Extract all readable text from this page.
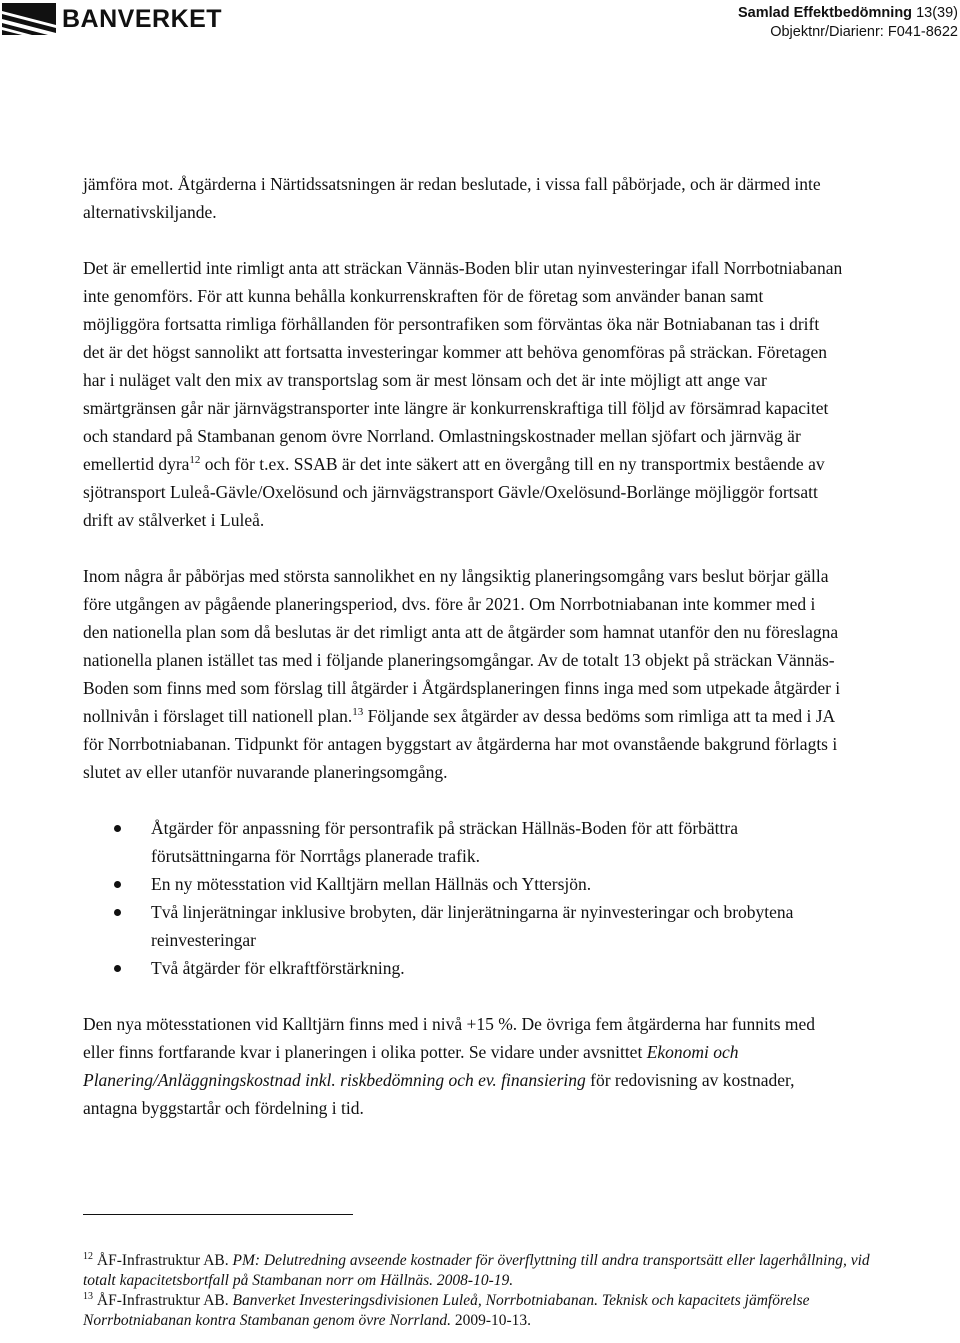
BANVERKET	Samlad Effektbedömning 13(39)
Objektnr/Diarienr: F041-8622

jämföra mot. Åtgärderna i Närtidssatsningen är redan beslutade, i vissa fall påbörjade, och är därmed inte alternativskiljande.

Det är emellertid inte rimligt anta att sträckan Vännäs-Boden blir utan nyinvesteringar ifall Norrbotniabanan inte genomförs. För att kunna behålla konkurrenskraften för de företag som använder banan samt möjliggöra fortsatta rimliga förhållanden för persontrafiken som förväntas öka när Botniabanan tas i drift det är det högst sannolikt att fortsatta investeringar kommer att behöva genomföras på sträckan. Företagen har i nuläget valt den mix av transportslag som är mest lönsam och det är inte möjligt att ange var smärtgränsen går när järnvägstransporter inte längre är konkurrenskraftiga till följd av försämrad kapacitet och standard på Stambanan genom övre Norrland. Omlastningskostnader mellan sjöfart och järnväg är emellertid dyra$^{12}$ och för t.ex. SSAB är det inte säkert att en övergång till en ny transportmix bestående av sjötransport Luleå-Gävle/Oxelösund och järnvägstransport Gävle/Oxelösund-Borlänge möjliggör fortsatt drift av stålverket i Luleå.

Inom några år påbörjas med största sannolikhet en ny långsiktig planeringsomgång vars beslut börjar gälla före utgången av pågående planeringsperiod, dvs. före år 2021. Om Norrbotniabanan inte kommer med i den nationella plan som då beslutas är det rimligt anta att de åtgärder som hamnat utanför den nu föreslagna nationella planen istället tas med i följande planeringsomgångar. Av de totalt 13 objekt på sträckan Vännäs-Boden som finns med som förslag till åtgärder i Åtgärdsplaneringen finns inga med som utpekade åtgärder i nollnivån i förslaget till nationell plan.$^{13}$ Följande sex åtgärder av dessa bedöms som rimliga att ta med i JA för Norrbotniabanan. Tidpunkt för antagen byggstart av åtgärderna har mot ovanstående bakgrund förlagts i slutet av eller utanför nuvarande planeringsomgång.

Åtgärder för anpassning för persontrafik på sträckan Hällnäs-Boden för att förbättra förutsättningarna för Norrtågs planerade trafik.
En ny mötesstation vid Kalltjärn mellan Hällnäs och Yttersjön.
Två linjerätningar inklusive brobyten, där linjerätningarna är nyinvesteringar och brobytena reinvesteringar
Två åtgärder för elkraftförstärkning.

Den nya mötesstationen vid Kalltjärn finns med i nivå +15 %. De övriga fem åtgärderna har funnits med eller finns fortfarande kvar i planeringen i olika potter. Se vidare under avsnittet Ekonomi och Planering/Anläggningskostnad inkl. riskbedömning och ev. finansiering för redovisning av kostnader, antagna byggstartår och fördelning i tid.

$^{12}$ ÅF-Infrastruktur AB. PM: Delutredning avseende kostnader för överflyttning till andra transportsätt eller lagerhållning, vid totalt kapacitetsbortfall på Stambanan norr om Hällnäs. 2008-10-19.
$^{13}$ ÅF-Infrastruktur AB. Banverket Investeringsdivisionen Luleå, Norrbotniabanan. Teknisk och kapacitets jämförelse Norrbotniabanan kontra Stambanan genom övre Norrland. 2009-10-13.
